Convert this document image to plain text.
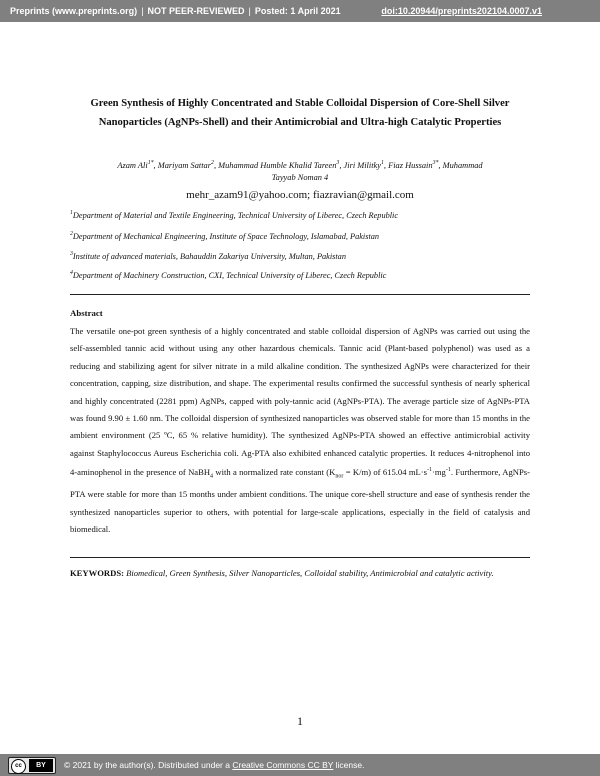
Preprints (www.preprints.org) | NOT PEER-REVIEWED | Posted: 1 April 2021	doi:10.20944/preprints202104.0007.v1
Green Synthesis of Highly Concentrated and Stable Colloidal Dispersion of Core-Shell Silver Nanoparticles (AgNPs-Shell) and their Antimicrobial and Ultra-high Catalytic Properties
Azam Ali$^{1*}$, Mariyam Sattar$^2$, Muhammad Humble Khalid Tareen$^3$, Jiri Militky$^1$, Fiaz Hussain$^{3*}$, Muhammad
Tayyab Noman 4
mehr_azam91@yahoo.com; fiazravian@gmail.com
$^1$Department of Material and Textile Engineering, Technical University of Liberec, Czech Republic
$^2$Department of Mechanical Engineering, Institute of Space Technology, Islamabad, Pakistan
$^3$Institute of advanced materials, Bahauddin Zakariya University, Multan, Pakistan
$^4$Department of Machinery Construction, CXI, Technical University of Liberec, Czech Republic
Abstract

The versatile one-pot green synthesis of a highly concentrated and stable colloidal dispersion of AgNPs was carried out using the self-assembled tannic acid without using any other hazardous chemicals. Tannic acid (Plant-based polyphenol) was used as a reducing and stabilizing agent for silver nitrate in a mild alkaline condition. The synthesized AgNPs were characterized for their concentration, capping, size distribution, and shape. The experimental results confirmed the successful synthesis of nearly spherical and highly concentrated (2281 ppm) AgNPs, capped with poly-tannic acid (AgNPs-PTA). The average particle size of AgNPs-PTA was found 9.90 ± 1.60 nm. The colloidal dispersion of synthesized nanoparticles was observed stable for more than 15 months in the ambient environment (25 ºC, 65 % relative humidity). The synthesized AgNPs-PTA showed an effective antimicrobial activity against Staphylococcus Aureus Escherichia coli. Ag-PTA also exhibited enhanced catalytic properties. It reduces 4-nitrophenol into 4-aminophenol in the presence of NaBH$_4$ with a normalized rate constant $(K_{nor} = K/m)$ of 615.04 $mL\cdot s^{-1}\cdot mg^{-1}$. Furthermore, AgNPs-PTA were stable for more than 15 months under ambient conditions. The unique core-shell structure and ease of synthesis render the synthesized nanoparticles superior to others, with potential for large-scale applications, especially in the field of catalysis and biomedical.

KEYWORDS: Biomedical, Green Synthesis, Silver Nanoparticles, Colloidal stability, Antimicrobial and catalytic activity.
1
cc	BY	© 2021 by the author(s). Distributed under a Creative Commons CC BY license.
